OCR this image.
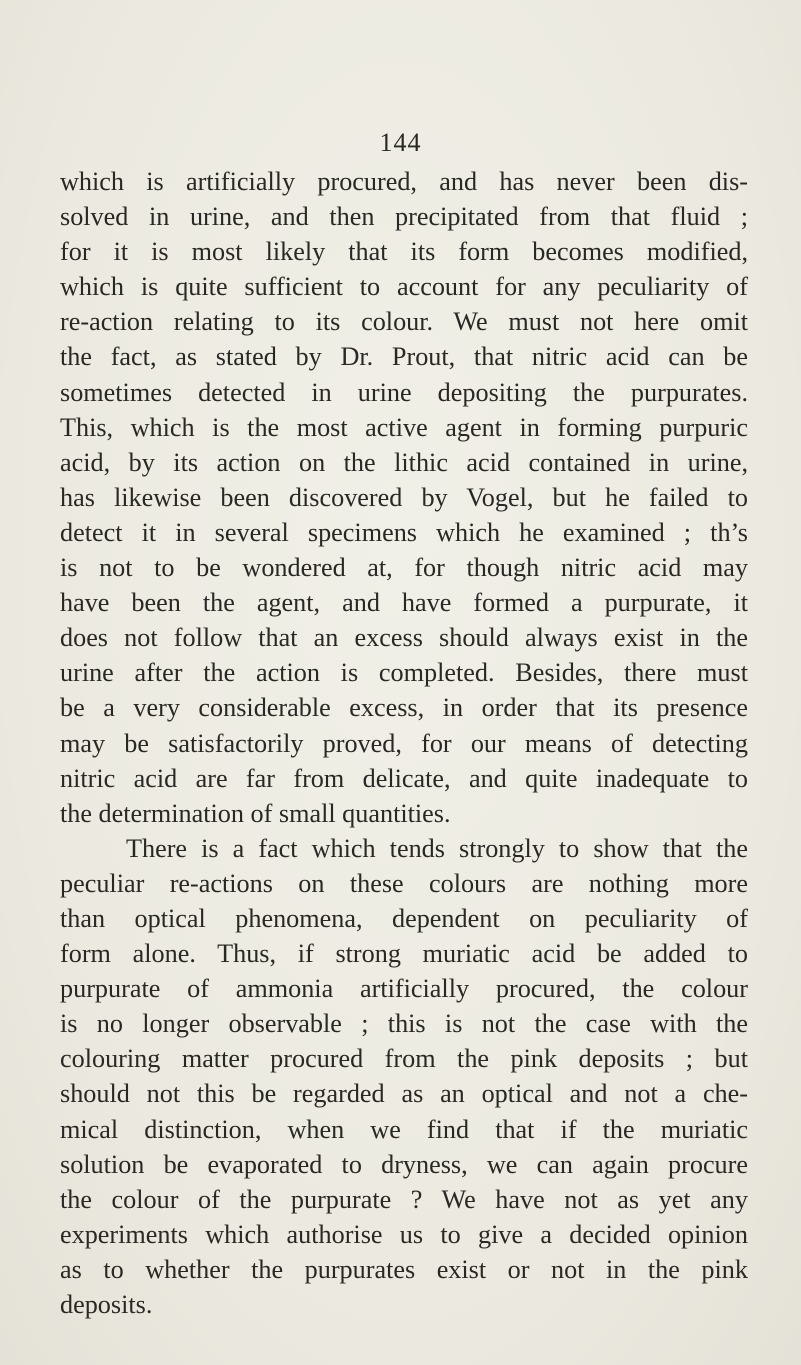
144
which is artificially procured, and has never been dis-
solved in urine, and then precipitated from that fluid ;
for it is most likely that its form becomes modified,
which is quite sufficient to account for any peculiarity of
re-action relating to its colour. We must not here omit
the fact, as stated by Dr. Prout, that nitric acid can be
sometimes detected in urine depositing the purpurates.
This, which is the most active agent in forming purpuric
acid, by its action on the lithic acid contained in urine,
has likewise been discovered by Vogel, but he failed to
detect it in several specimens which he examined ; th’s
is not to be wondered at, for though nitric acid may
have been the agent, and have formed a purpurate, it
does not follow that an excess should always exist in the
urine after the action is completed. Besides, there must
be a very considerable excess, in order that its presence
may be satisfactorily proved, for our means of detecting
nitric acid are far from delicate, and quite inadequate to
the determination of small quantities.
There is a fact which tends strongly to show that the
peculiar re-actions on these colours are nothing more
than optical phenomena, dependent on peculiarity of
form alone. Thus, if strong muriatic acid be added to
purpurate of ammonia artificially procured, the colour
is no longer observable ; this is not the case with the
colouring matter procured from the pink deposits ; but
should not this be regarded as an optical and not a che-
mical distinction, when we find that if the muriatic
solution be evaporated to dryness, we can again procure
the colour of the purpurate ? We have not as yet any
experiments which authorise us to give a decided opinion
as to whether the purpurates exist or not in the pink
deposits.
